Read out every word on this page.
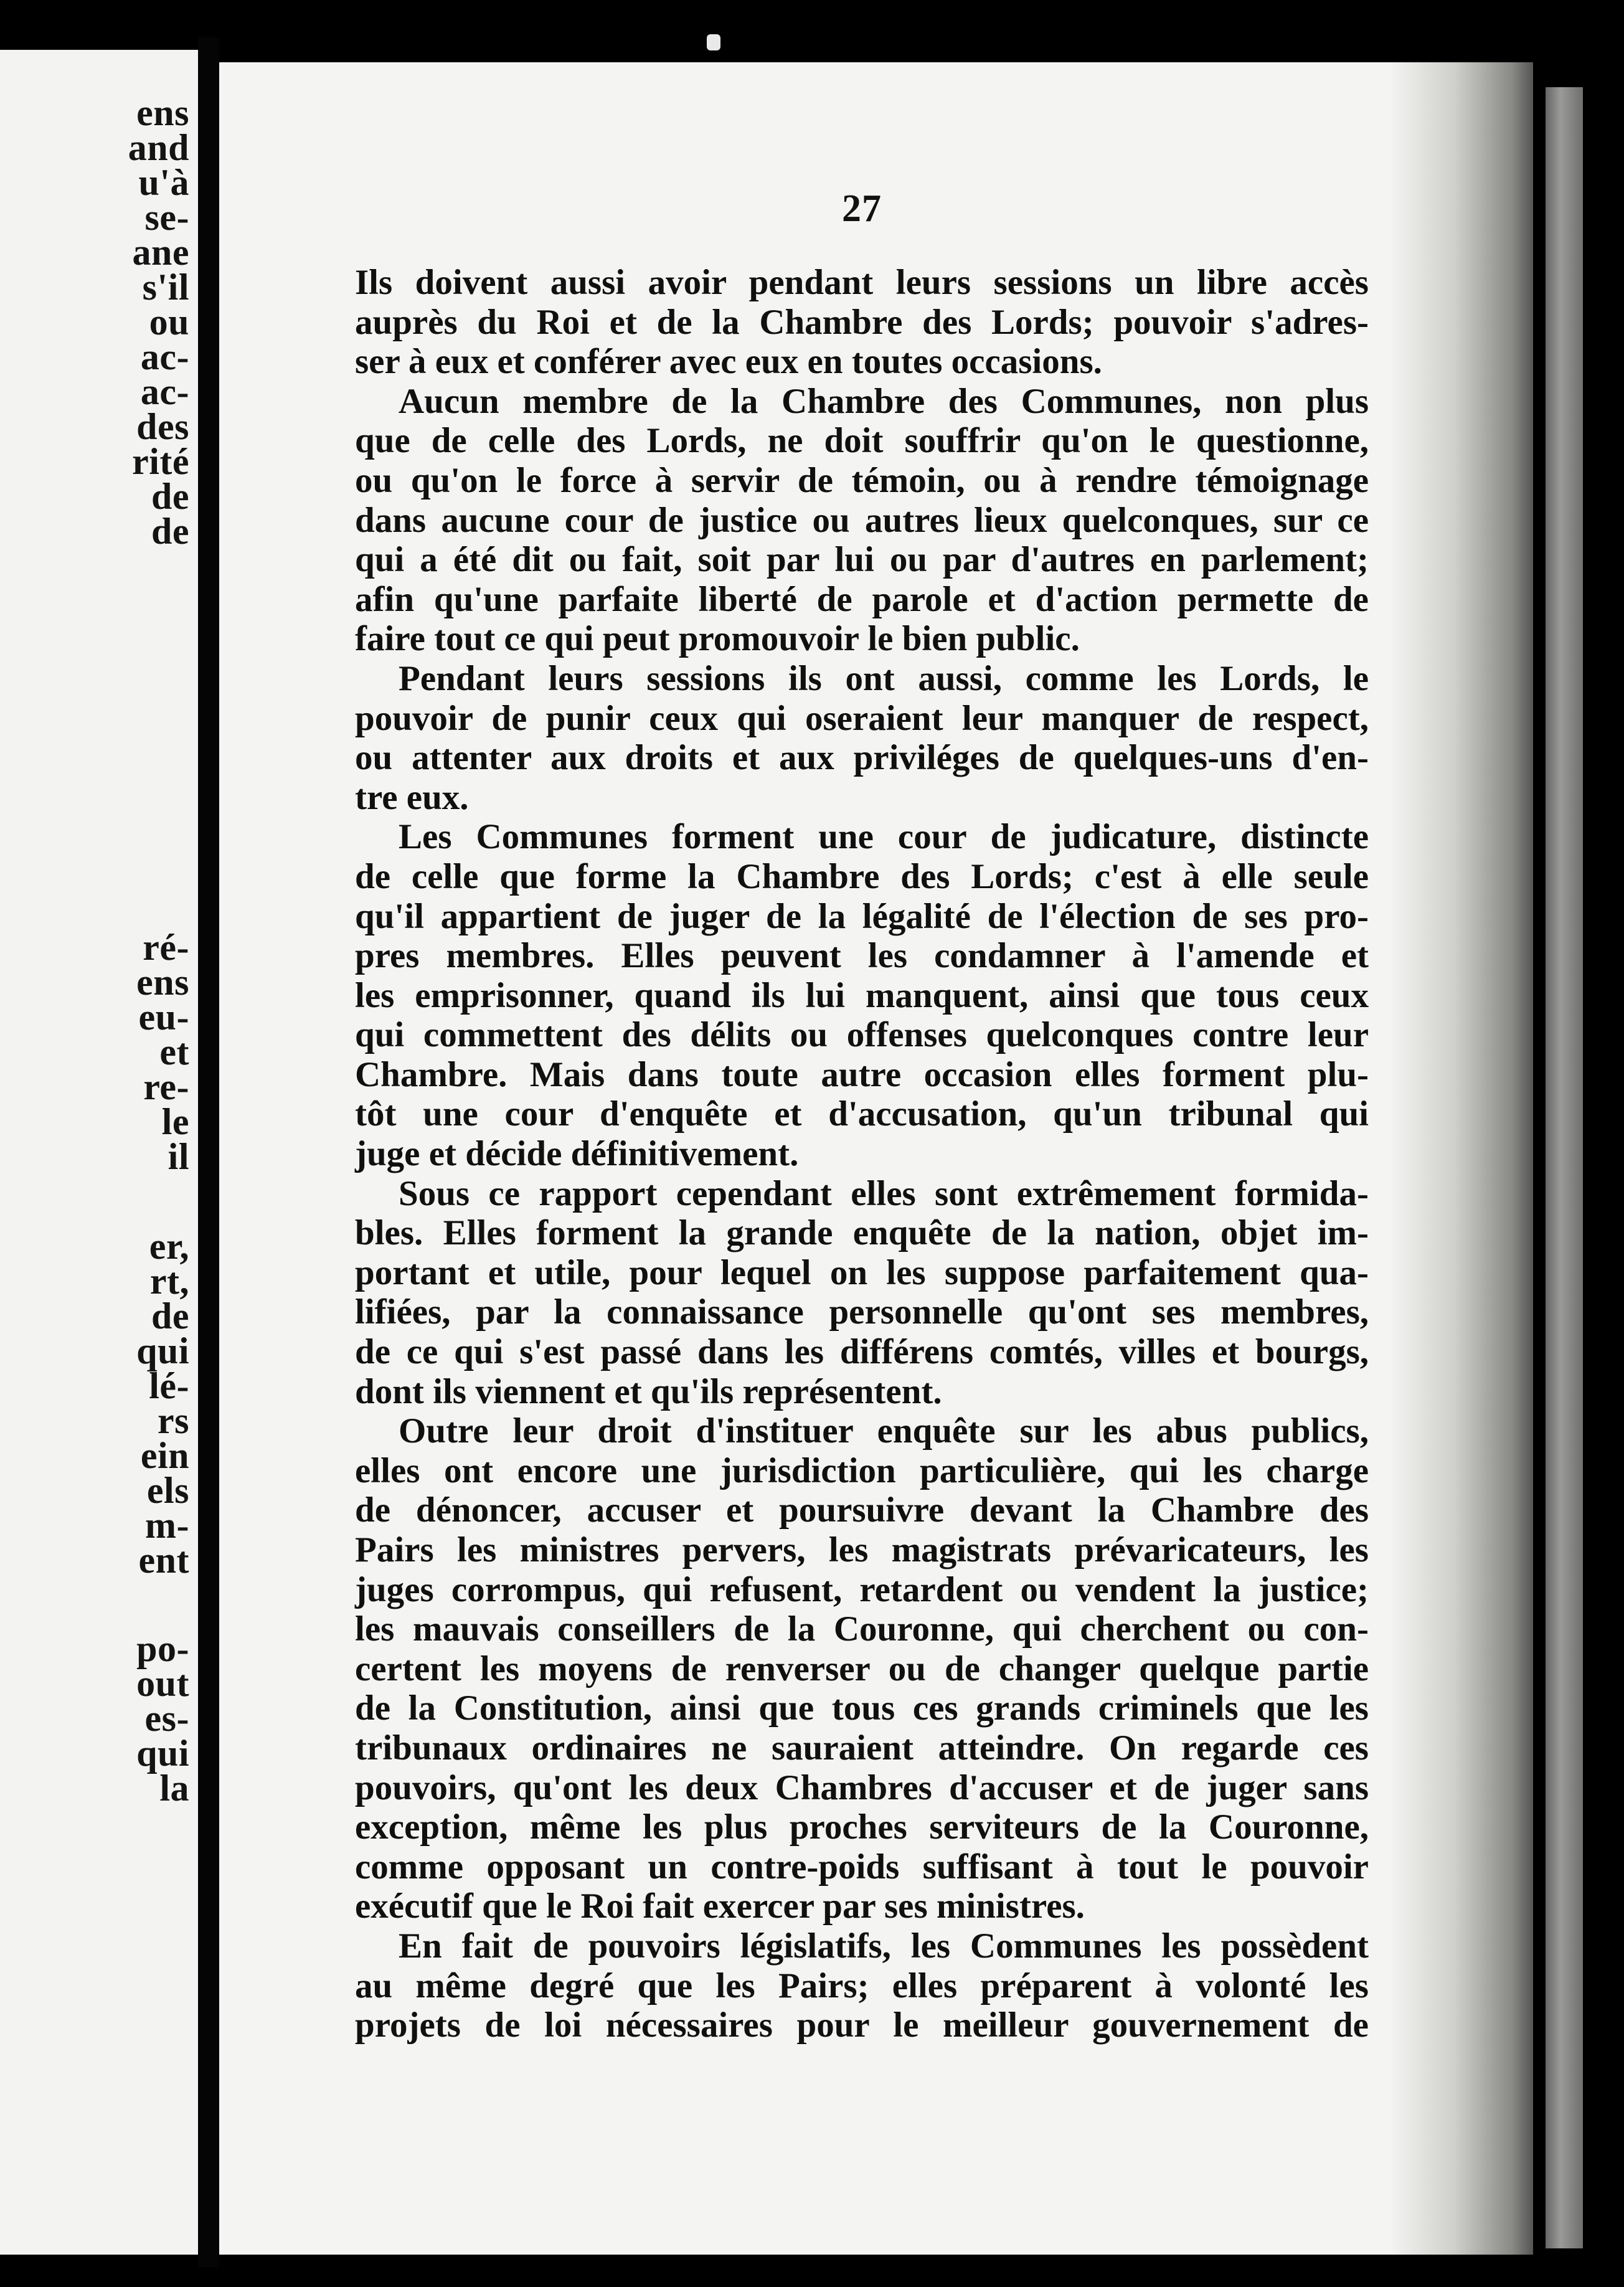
ens
and
u'à
se-
ane
s'il
ou
ac-
ac-
des
rité
de
de
ré-
ens
eu-
et
re-
le
il
er,
rt,
de
qui
lé-
rs
ein
els
m-
ent
po-
out
es-
qui
la
27
Ils doivent aussi avoir pendant leurs sessions un libre accès
auprès du Roi et de la Chambre des Lords; pouvoir s'adres-
ser à eux et conférer avec eux en toutes occasions.
Aucun membre de la Chambre des Communes, non plus
que de celle des Lords, ne doit souffrir qu'on le questionne,
ou qu'on le force à servir de témoin, ou à rendre témoignage
dans aucune cour de justice ou autres lieux quelconques, sur ce
qui a été dit ou fait, soit par lui ou par d'autres en parlement;
afin qu'une parfaite liberté de parole et d'action permette de
faire tout ce qui peut promouvoir le bien public.
Pendant leurs sessions ils ont aussi, comme les Lords, le
pouvoir de punir ceux qui oseraient leur manquer de respect,
ou attenter aux droits et aux priviléges de quelques-uns d'en-
tre eux.
Les Communes forment une cour de judicature, distincte
de celle que forme la Chambre des Lords; c'est à elle seule
qu'il appartient de juger de la légalité de l'élection de ses pro-
pres membres. Elles peuvent les condamner à l'amende et
les emprisonner, quand ils lui manquent, ainsi que tous ceux
qui commettent des délits ou offenses quelconques contre leur
Chambre. Mais dans toute autre occasion elles forment plu-
tôt une cour d'enquête et d'accusation, qu'un tribunal qui
juge et décide définitivement.
Sous ce rapport cependant elles sont extrêmement formida-
bles. Elles forment la grande enquête de la nation, objet im-
portant et utile, pour lequel on les suppose parfaitement qua-
lifiées, par la connaissance personnelle qu'ont ses membres,
de ce qui s'est passé dans les différens comtés, villes et bourgs,
dont ils viennent et qu'ils représentent.
Outre leur droit d'instituer enquête sur les abus publics,
elles ont encore une jurisdiction particulière, qui les charge
de dénoncer, accuser et poursuivre devant la Chambre des
Pairs les ministres pervers, les magistrats prévaricateurs, les
juges corrompus, qui refusent, retardent ou vendent la justice;
les mauvais conseillers de la Couronne, qui cherchent ou con-
certent les moyens de renverser ou de changer quelque partie
de la Constitution, ainsi que tous ces grands criminels que les
tribunaux ordinaires ne sauraient atteindre. On regarde ces
pouvoirs, qu'ont les deux Chambres d'accuser et de juger sans
exception, même les plus proches serviteurs de la Couronne,
comme opposant un contre-poids suffisant à tout le pouvoir
exécutif que le Roi fait exercer par ses ministres.
En fait de pouvoirs législatifs, les Communes les possèdent
au même degré que les Pairs; elles préparent à volonté les
projets de loi nécessaires pour le meilleur gouvernement de
